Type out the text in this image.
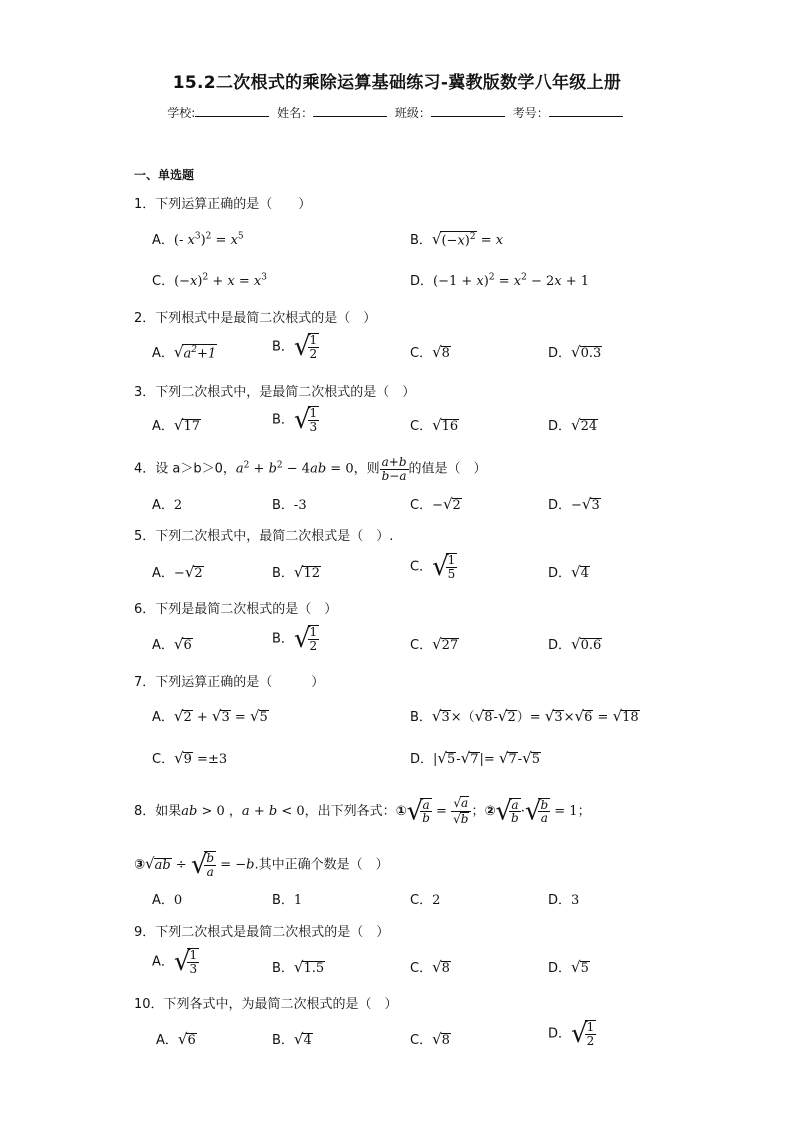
15.2二次根式的乘除运算基础练习-冀教版数学八年级上册
学校:	姓名：	班级：	考号：
一、单选题
1．下列运算正确的是（　　）
A．(- $x^3)^2 = x^5$	B．$√(-x)^2 = x$
C．$(-x)^2 + x = x^3$	D．$(-1 + x)^2 = x^2 - 2x + 1$
2．下列根式中是最简二次根式的是（　）
A．$√a^2+1$	B．√
$\frac{1}{2}$	C．√8	D．√0.3
3．下列二次根式中，是最简二次根式的是（　）
A．√17	B．√
$\frac{1}{3}$	C．√16	D．√24
4．设 a＞b＞0，$a^2 + b^2 - 4ab = 0$，则 $\frac{a+b}{b-a}$ 的值是（　）
A．2	B．-3	C．−√2	D．−√3
5．下列二次根式中，最简二次根式是（　）.
A．−√2	B．√12	C．√
$\frac{1}{5}$	D．√4
6．下列是最简二次根式的是（　）
A．√6	B．√
$\frac{1}{2}$	C．√27	D．√0.6
7．下列运算正确的是（　　　）
A．√2 + √3 = √5	B．√3×（√8-√2）= √3×√6 = √18
C．√9 =±3	D．|√5-√7|= √7-√5
8．如果ab > 0 ，a + b < 0，出下列各式：①√
$\frac{a}{b} = \frac{√a}{√b}$ ；②√
$\frac{a}{b}$ ·√
$\frac{b}{a} = 1$；
③√ab ÷ √
$\frac{b}{a} = -b$.其中正确个数是（　）
A．0	B．1	C．2	D．3
9．下列二次根式是最简二次根式的是（　）
A．√
$\frac{1}{3}$	B．√1.5	C．√8	D．√5
10．下列各式中，为最简二次根式的是（　）
A．√6	B．√4	C．√8	D．√
$\frac{1}{2}$
